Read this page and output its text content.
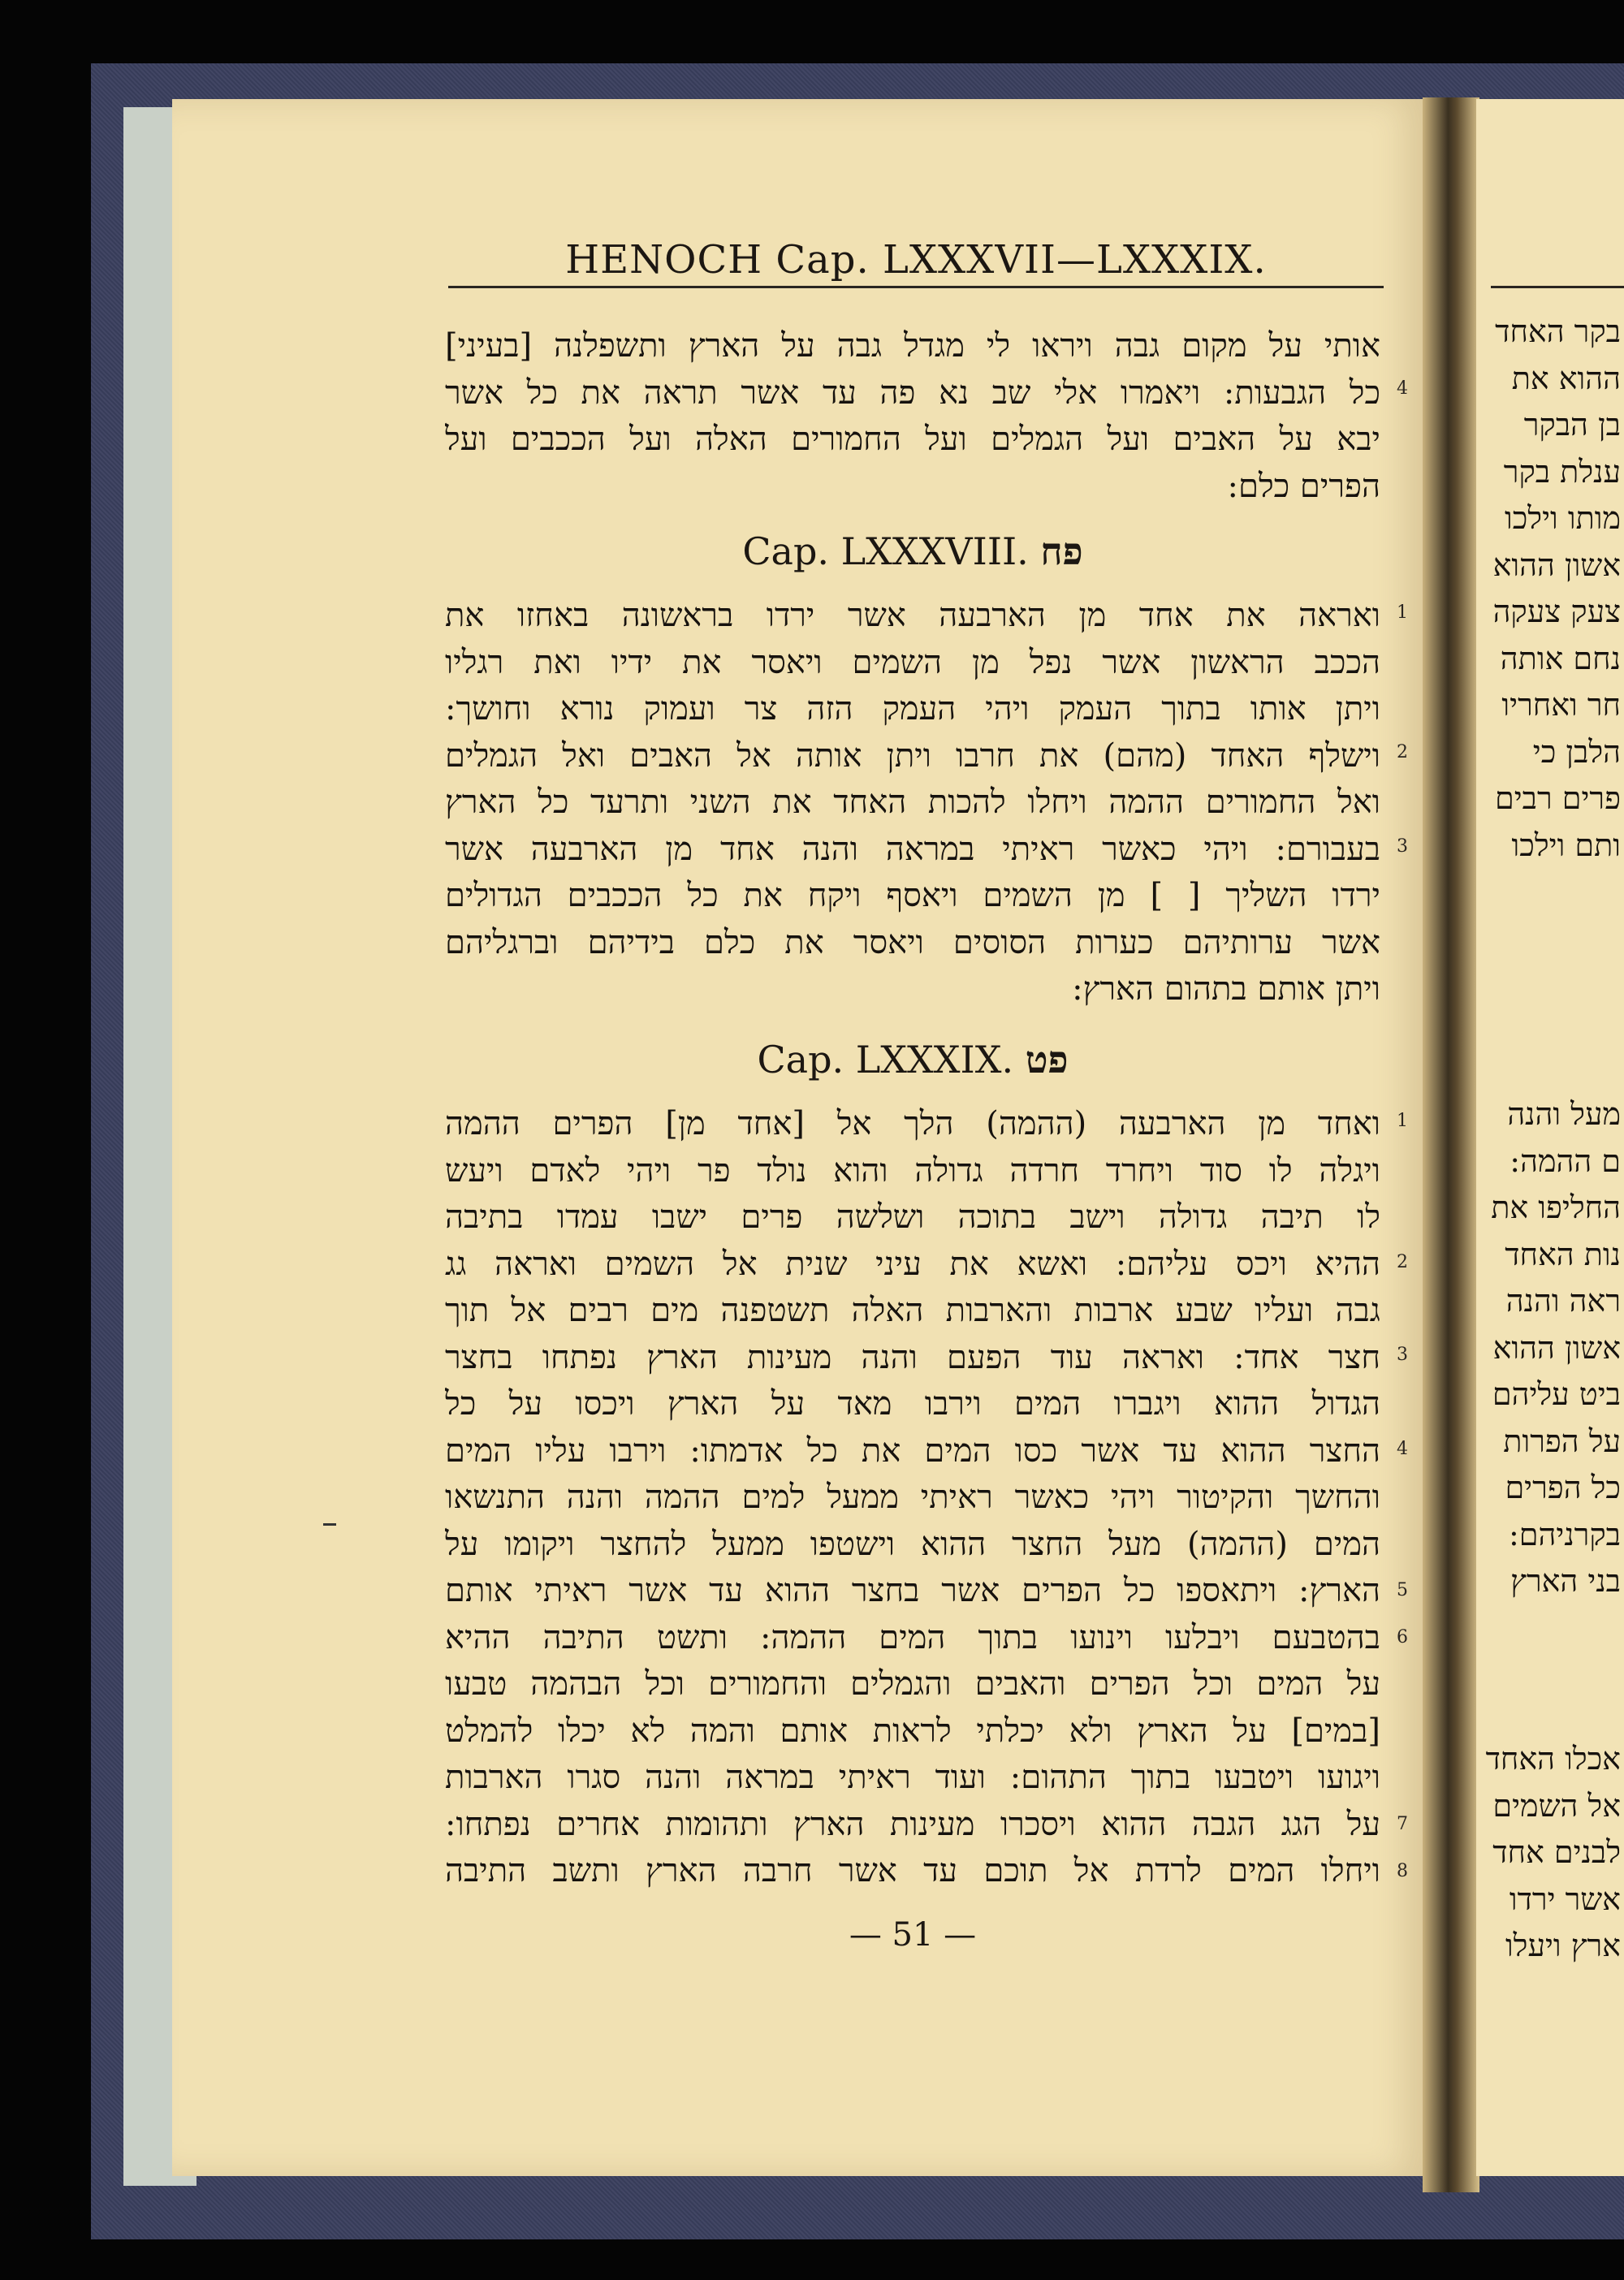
בקר האחד
ההוא את
בן הבקר
ענלת בקר
מותו וילכו
אשון ההוא
צעק צעקה
נחם אותה
חר ואחריו
הלבן כי
פרים רבים
ותם וילכו
מעל והנה
ם ההמה:
החליפו את
נות האחד
ראה והנה
אשון ההוא
ביט עליהם
על הפרות
כל הפרים
בקרניהם:
בני הארץ
אכלו האחד
אל השמים
לבנים אחד
אשר ירדו
ארץ ויעלו
HENOCH Cap. LXXXVII—LXXXIX.
אותי על מקום גבה ויראו לי מגדל גבה על הארץ ותשפלנה [בעיני]
כל הגבעות: ויאמרו אלי שב נא פה עד אשר תראה את כל אשר
יבא על האבים ועל הגמלים ועל החמורים האלה ועל הככבים ועל
הפרים כלם:
Cap. LXXXVIII. פח
ואראה את אחד מן הארבעה אשר ירדו בראשונה באחזו את
הככב הראשון אשר נפל מן השמים ויאסר את ידיו ואת רגליו
ויתן אותו בתוך העמק ויהי העמק הזה צר ועמוק נורא וחושך:
וישלף האחד (מהם) את חרבו ויתן אותה אל האבים ואל הגמלים
ואל החמורים ההמה ויחלו להכות האחד את השני ותרעד כל הארץ
בעבורם: ויהי כאשר ראיתי במראה והנה אחד מן הארבעה אשר
ירדו השליך [ ] מן השמים ויאסף ויקח את כל הככבים הגדולים
אשר ערותיהם כערות הסוסים ויאסר את כלם בידיהם וברגליהם
ויתן אותם בתהום הארץ:
Cap. LXXXIX. פט
ואחד מן הארבעה (ההמה) הלך אל [אחד מן] הפרים ההמה
ויגלה לו סוד ויחרד חרדה גדולה והוא נולד פר ויהי לאדם ויעש
לו תיבה גדולה וישב בתוכה ושלשה פרים ישבו עמדו בתיבה
ההיא ויכס עליהם: ואשא את עיני שנית אל השמים ואראה גג
גבה ועליו שבע ארבות והארבות האלה תשטפנה מים רבים אל תוך
חצר אחד: ואראה עוד הפעם והנה מעינות הארץ נפתחו בחצר
הגדול ההוא ויגברו המים וירבו מאד על הארץ ויכסו על כל
החצר ההוא עד אשר כסו המים את כל אדמתו: וירבו עליו המים
והחשך והקיטור ויהי כאשר ראיתי ממעל למים ההמה והנה התנשאו
המים (ההמה) מעל החצר ההוא וישטפו ממעל להחצר ויקומו על
הארץ: ויתאספו כל הפרים אשר בחצר ההוא עד אשר ראיתי אותם
בהטבעם ויבלעו וינועו בתוך המים ההמה: ותשט התיבה ההיא
על המים וכל הפרים והאבים והגמלים והחמורים וכל הבהמה טבעו
[במים] על הארץ ולא יכלתי לראות אותם והמה לא יכלו להמלט
ויגועו ויטבעו בתוך התהום: ועוד ראיתי במראה והנה סגרו הארבות
על הגג הגבה ההוא ויסכרו מעינות הארץ ותהומות אחרים נפתחו:
ויחלו המים לרדת אל תוכם עד אשר חרבה הארץ ותשב התיבה
4
1
2
3
1
2
3
4
5
6
7
8
— 51 —
